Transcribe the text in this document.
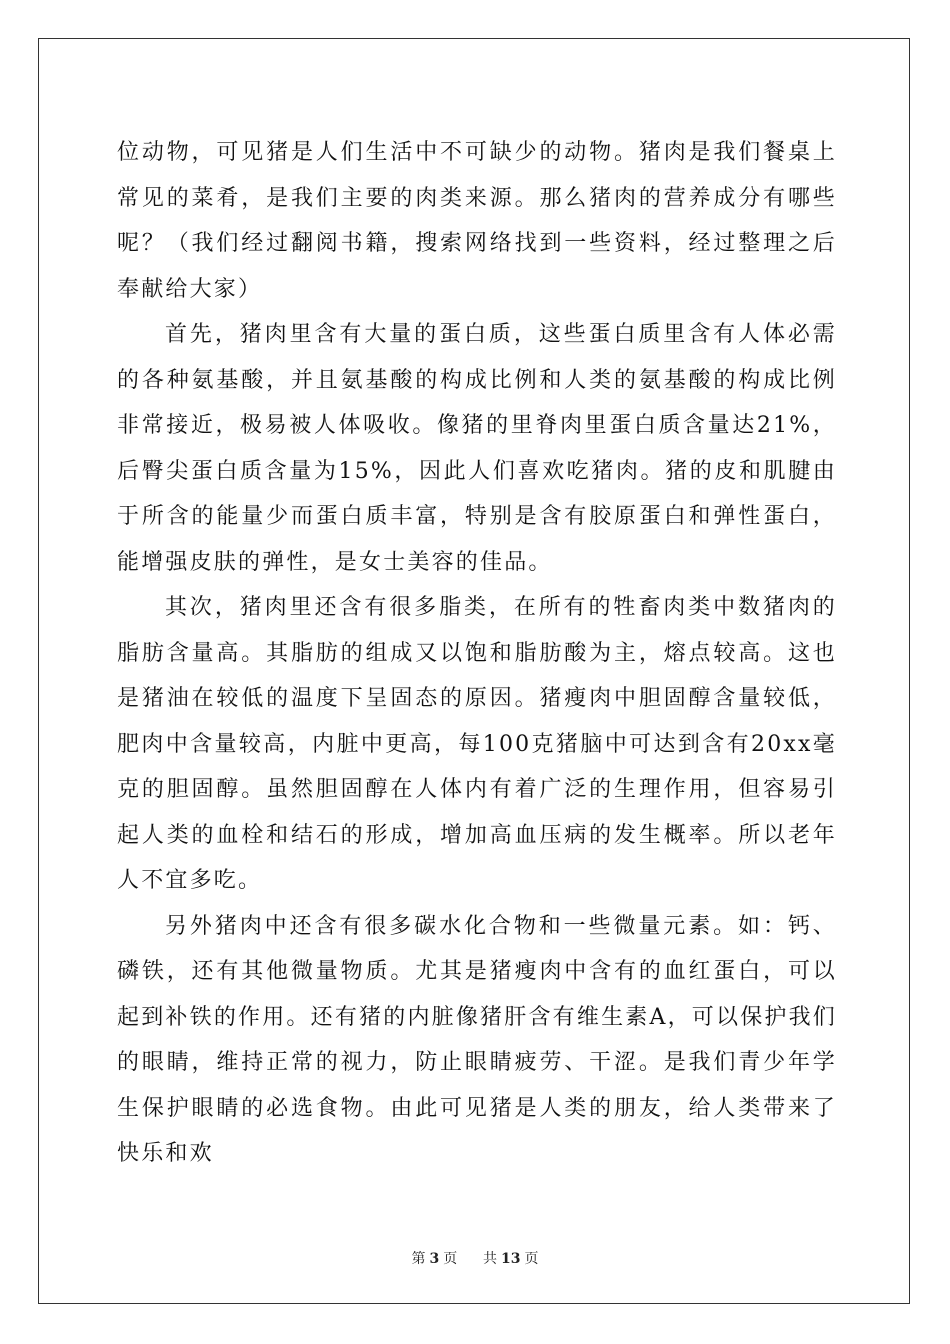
位动物，可见猪是人们生活中不可缺少的动物。猪肉是我们餐桌上常见的菜肴，是我们主要的肉类来源。那么猪肉的营养成分有哪些呢？（我们经过翻阅书籍，搜索网络找到一些资料，经过整理之后奉献给大家）

首先，猪肉里含有大量的蛋白质，这些蛋白质里含有人体必需的各种氨基酸，并且氨基酸的构成比例和人类的氨基酸的构成比例非常接近，极易被人体吸收。像猪的里脊肉里蛋白质含量达21%，后臀尖蛋白质含量为15%，因此人们喜欢吃猪肉。猪的皮和肌腱由于所含的能量少而蛋白质丰富，特别是含有胶原蛋白和弹性蛋白，能增强皮肤的弹性，是女士美容的佳品。

其次，猪肉里还含有很多脂类，在所有的牲畜肉类中数猪肉的脂肪含量高。其脂肪的组成又以饱和脂肪酸为主，熔点较高。这也是猪油在较低的温度下呈固态的原因。猪瘦肉中胆固醇含量较低，肥肉中含量较高，内脏中更高，每100克猪脑中可达到含有20xx毫克的胆固醇。虽然胆固醇在人体内有着广泛的生理作用，但容易引起人类的血栓和结石的形成，增加高血压病的发生概率。所以老年人不宜多吃。

另外猪肉中还含有很多碳水化合物和一些微量元素。如：钙、磷铁，还有其他微量物质。尤其是猪瘦肉中含有的血红蛋白，可以起到补铁的作用。还有猪的内脏像猪肝含有维生素A，可以保护我们的眼睛，维持正常的视力，防止眼睛疲劳、干涩。是我们青少年学生保护眼睛的必选食物。由此可见猪是人类的朋友，给人类带来了快乐和欢

第 3 页 共 13 页
